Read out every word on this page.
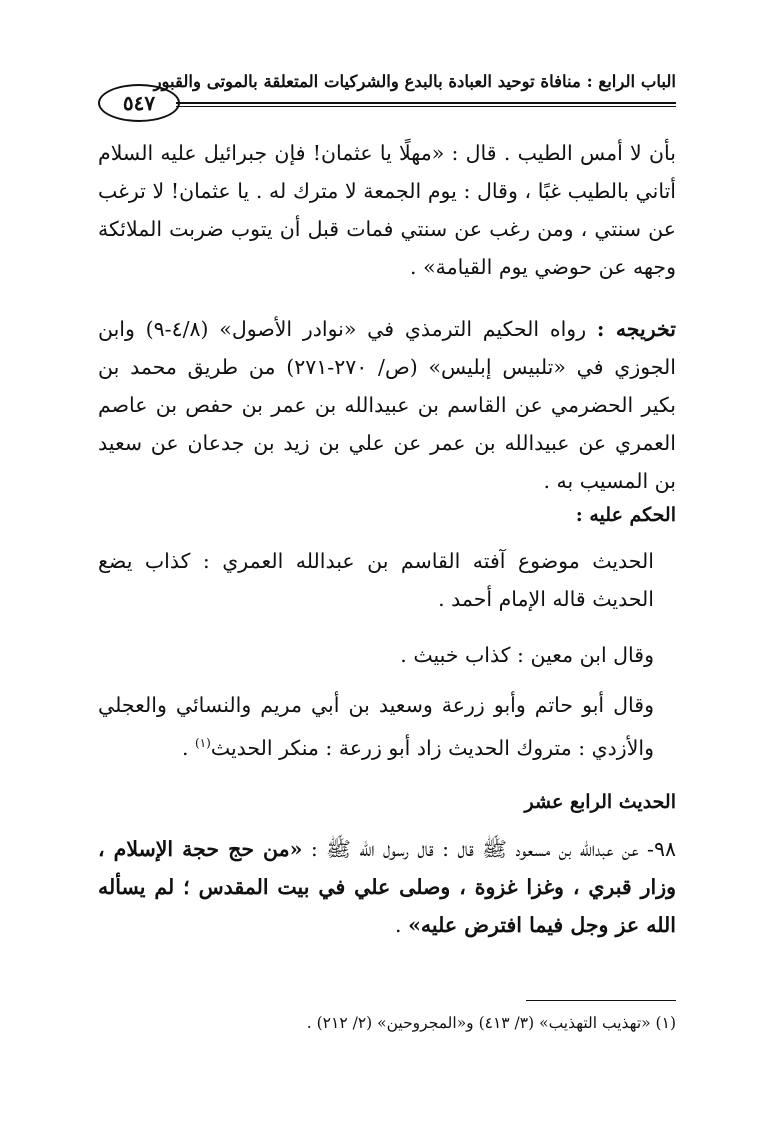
الباب الرابع : منافاة توحيد العبادة بالبدع والشركيات المتعلقة بالموتى والقبور
٥٤٧

بأن لا أمس الطيب . قال : «مهلًا يا عثمان! فإن جبرائيل عليه السلام أتاني بالطيب غبًا ، وقال : يوم الجمعة لا مترك له . يا عثمان! لا ترغب عن سنتي ، ومن رغب عن سنتي فمات قبل أن يتوب ضربت الملائكة وجهه عن حوضي يوم القيامة» .

تخريجه : رواه الحكيم الترمذي في «نوادر الأصول» (٤/٨-٩) وابن الجوزي في «تلبيس إبليس» (ص/ ٢٧٠-٢٧١) من طريق محمد بن بكير الحضرمي عن القاسم بن عبيدالله بن عمر بن حفص بن عاصم العمري عن عبيدالله بن عمر عن علي بن زيد بن جدعان عن سعيد بن المسيب به .

الحكم عليه :

الحديث موضوع آفته القاسم بن عبدالله العمري : كذاب يضع الحديث قاله الإمام أحمد .

وقال ابن معين : كذاب خبيث .

وقال أبو حاتم وأبو زرعة وسعيد بن أبي مريم والنسائي والعجلي والأزدي : متروك الحديث زاد أبو زرعة : منكر الحديث$^{(١)}$ .

الحديث الرابع عشر

٩٨- عن عبدالله بن مسعود ﷺ قال : قال رسول الله ﷺ : «من حج حجة الإسلام ، وزار قبري ، وغزا غزوة ، وصلى علي في بيت المقدس ؛ لم يسأله الله عز وجل فيما افترض عليه» .

(١) «تهذيب التهذيب» (٣/ ٤١٣) و«المجروحين» (٢/ ٢١٢) .
